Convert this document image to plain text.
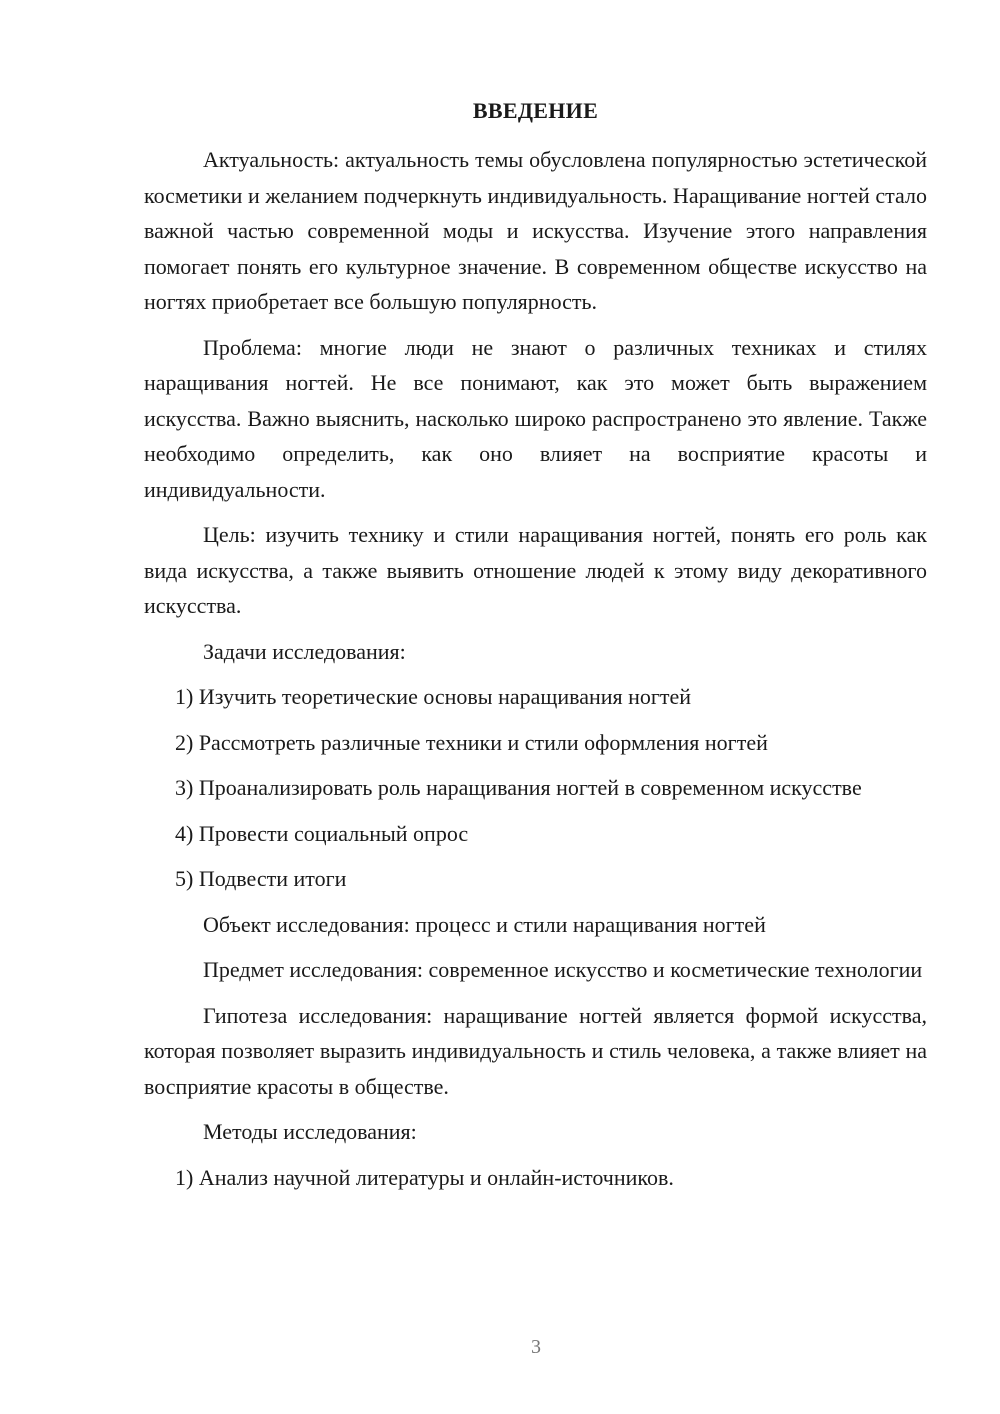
ВВЕДЕНИЕ

Актуальность: актуальность темы обусловлена популярностью эстетической косметики и желанием подчеркнуть индивидуальность. Наращивание ногтей стало важной частью современной моды и искусства. Изучение этого направления помогает понять его культурное значение. В современном обществе искусство на ногтях приобретает все большую популярность.

Проблема: многие люди не знают о различных техниках и стилях наращивания ногтей. Не все понимают, как это может быть выражением искусства. Важно выяснить, насколько широко распространено это явление. Также необходимо определить, как оно влияет на восприятие красоты и индивидуальности.

Цель: изучить технику и стили наращивания ногтей, понять его роль как вида искусства, а также выявить отношение людей к этому виду декоративного искусства.

Задачи исследования:

1) Изучить теоретические основы наращивания ногтей

2) Рассмотреть различные техники и стили оформления ногтей

3) Проанализировать роль наращивания ногтей в современном искусстве

4) Провести социальный опрос

5) Подвести итоги

Объект исследования: процесс и стили наращивания ногтей

Предмет исследования: современное искусство и косметические технологии

Гипотеза исследования: наращивание ногтей является формой искусства, которая позволяет выразить индивидуальность и стиль человека, а также влияет на восприятие красоты в обществе.

Методы исследования:

1) Анализ научной литературы и онлайн-источников.

3
